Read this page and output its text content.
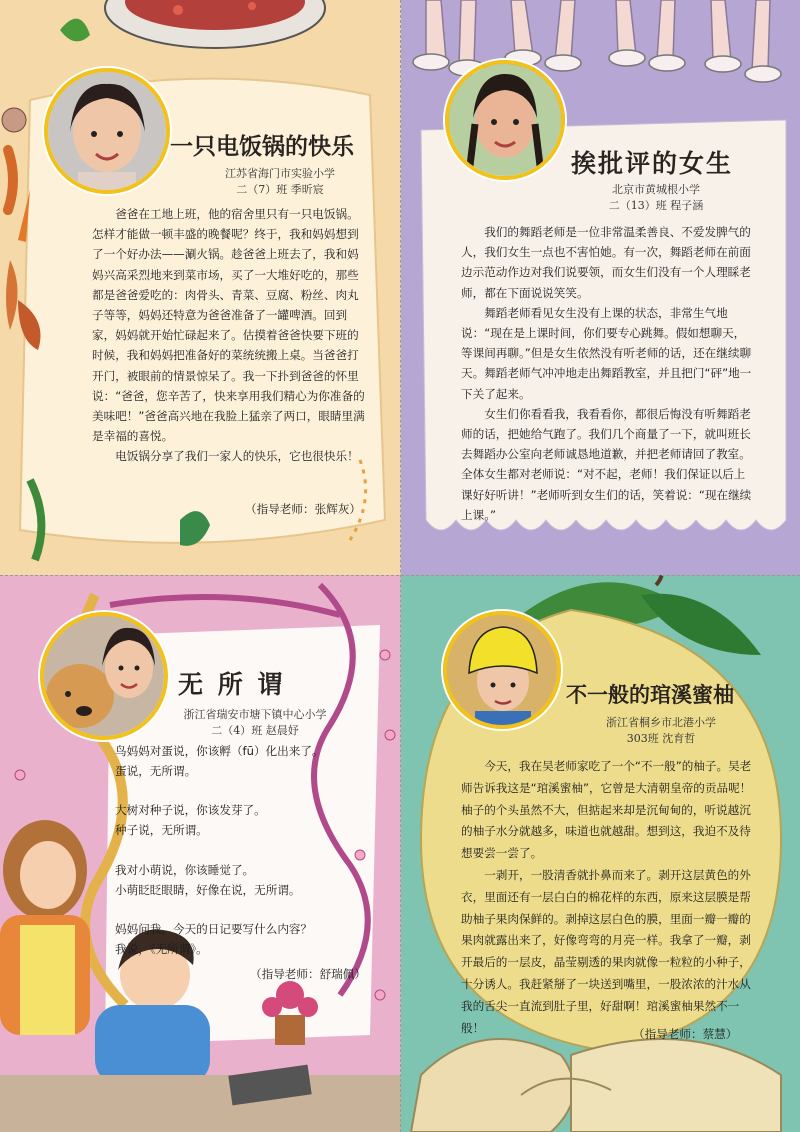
一只电饭锅的快乐
江苏省海门市实验小学
二（7）班 季昕宸

爸爸在工地上班，他的宿舍里只有一只电饭锅。怎样才能做一顿丰盛的晚餐呢？终于，我和妈妈想到了一个好办法——涮火锅。趁爸爸上班去了，我和妈妈兴高采烈地来到菜市场，买了一大堆好吃的，那些都是爸爸爱吃的：肉骨头、青菜、豆腐、粉丝、肉丸子等等，妈妈还特意为爸爸准备了一罐啤酒。回到家，妈妈就开始忙碌起来了。估摸着爸爸快要下班的时候，我和妈妈把准备好的菜统统搬上桌。当爸爸打开门，被眼前的情景惊呆了。我一下扑到爸爸的怀里说：“爸爸，您辛苦了，快来享用我们精心为你准备的美味吧！”爸爸高兴地在我脸上猛亲了两口，眼睛里满是幸福的喜悦。

电饭锅分享了我们一家人的快乐，它也很快乐！

（指导老师：张辉灰）
挨批评的女生
北京市黄城根小学
二（13）班 程子涵

我们的舞蹈老师是一位非常温柔善良、不爱发脾气的人，我们女生一点也不害怕她。有一次，舞蹈老师在前面边示范动作边对我们说要领，而女生们没有一个人理睬老师，都在下面说说笑笑。

舞蹈老师看见女生没有上课的状态，非常生气地说：“现在是上课时间，你们要专心跳舞。假如想聊天，等课间再聊。”但是女生依然没有听老师的话，还在继续聊天。舞蹈老师气冲冲地走出舞蹈教室，并且把门“砰”地一下关了起来。

女生们你看看我，我看看你，都很后悔没有听舞蹈老师的话，把她给气跑了。我们几个商量了一下，就叫班长去舞蹈办公室向老师诚恳地道歉，并把老师请回了教室。全体女生都对老师说：“对不起，老师！我们保证以后上课好好听讲！”老师听到女生们的话，笑着说：“现在继续上课。”

无 所 谓
浙江省瑞安市塘下镇中心小学
二（4）班 赵晨妤

鸟妈妈对蛋说，你该孵（fū）化出来了。

蛋说，无所谓。

大树对种子说，你该发芽了。

种子说，无所谓。

我对小萌说，你该睡觉了。

小萌眨眨眼睛，好像在说，无所谓。

妈妈问我，今天的日记要写什么内容？

我说，《无所谓》。

（指导老师：舒瑞佩）
不一般的琯溪蜜柚
浙江省桐乡市北港小学
303班 沈育哲

今天，我在吴老师家吃了一个“不一般”的柚子。吴老师告诉我这是“琯溪蜜柚”，它曾是大清朝皇帝的贡品呢！柚子的个头虽然不大，但掂起来却是沉甸甸的，听说越沉的柚子水分就越多，味道也就越甜。想到这，我迫不及待想要尝一尝了。

一剥开，一股清香就扑鼻而来了。剥开这层黄色的外衣，里面还有一层白白的棉花样的东西，原来这层膜是帮助柚子果肉保鲜的。剥掉这层白色的膜，里面一瓣一瓣的果肉就露出来了，好像弯弯的月亮一样。我拿了一瓣，剥开最后的一层皮，晶莹剔透的果肉就像一粒粒的小种子，十分诱人。我赶紧掰了一块送到嘴里，一股浓浓的汁水从我的舌尖一直流到肚子里，好甜啊！琯溪蜜柚果然不一般！	（指导老师：蔡慧）
